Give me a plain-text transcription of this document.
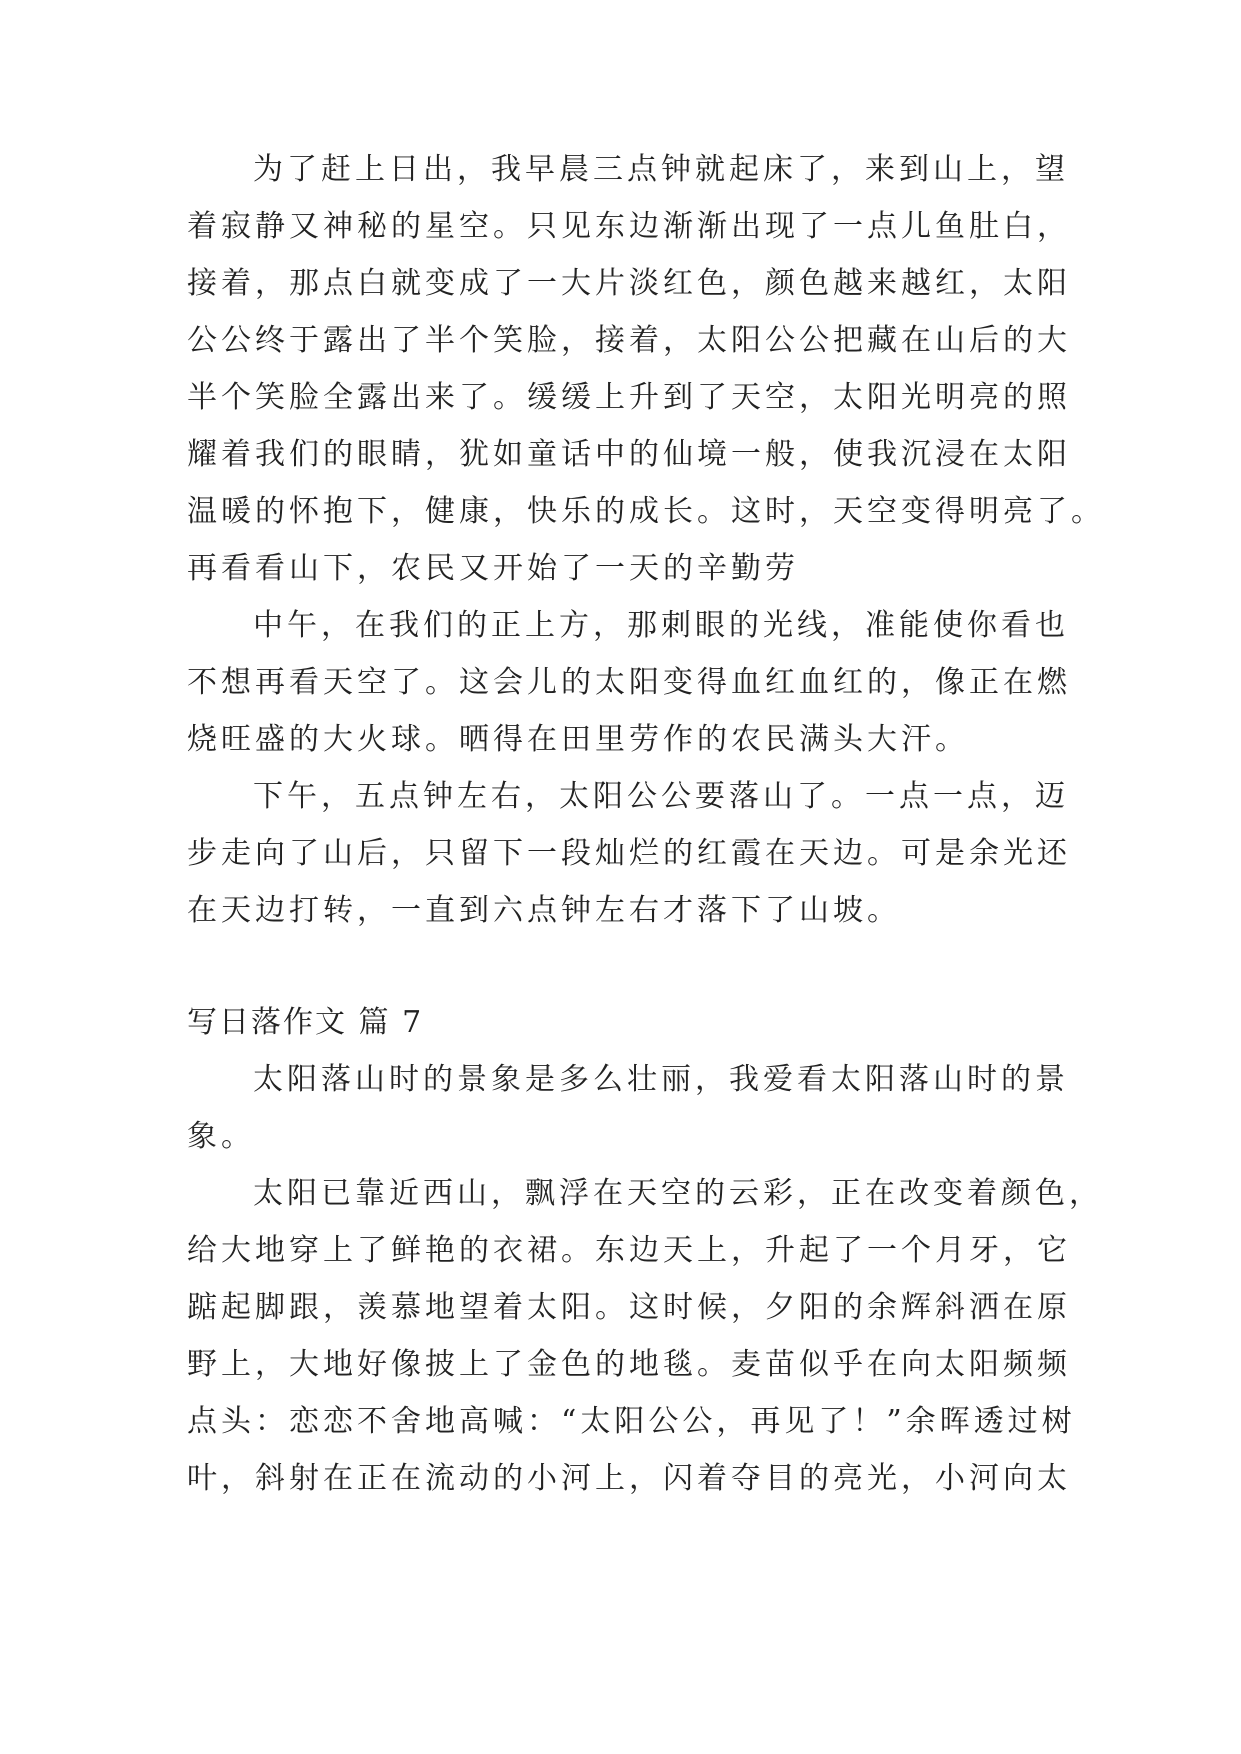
为了赶上日出，我早晨三点钟就起床了，来到山上，望
着寂静又神秘的星空。只见东边渐渐出现了一点儿鱼肚白，
接着，那点白就变成了一大片淡红色，颜色越来越红，太阳
公公终于露出了半个笑脸，接着，太阳公公把藏在山后的大
半个笑脸全露出来了。缓缓上升到了天空，太阳光明亮的照
耀着我们的眼睛，犹如童话中的仙境一般，使我沉浸在太阳
温暖的怀抱下，健康，快乐的成长。这时，天空变得明亮了。
再看看山下，农民又开始了一天的辛勤劳
中午，在我们的正上方，那刺眼的光线，准能使你看也
不想再看天空了。这会儿的太阳变得血红血红的，像正在燃
烧旺盛的大火球。晒得在田里劳作的农民满头大汗。
下午，五点钟左右，太阳公公要落山了。一点一点，迈
步走向了山后，只留下一段灿烂的红霞在天边。可是余光还
在天边打转，一直到六点钟左右才落下了山坡。
写日落作文 篇 7
太阳落山时的景象是多么壮丽，我爱看太阳落山时的景
象。
太阳已靠近西山，飘浮在天空的云彩，正在改变着颜色，
给大地穿上了鲜艳的衣裙。东边天上，升起了一个月牙，它
踮起脚跟，羡慕地望着太阳。这时候，夕阳的余辉斜洒在原
野上，大地好像披上了金色的地毯。麦苗似乎在向太阳频频
点头：恋恋不舍地高喊：“太阳公公，再见了！”余晖透过树
叶，斜射在正在流动的小河上，闪着夺目的亮光，小河向太
